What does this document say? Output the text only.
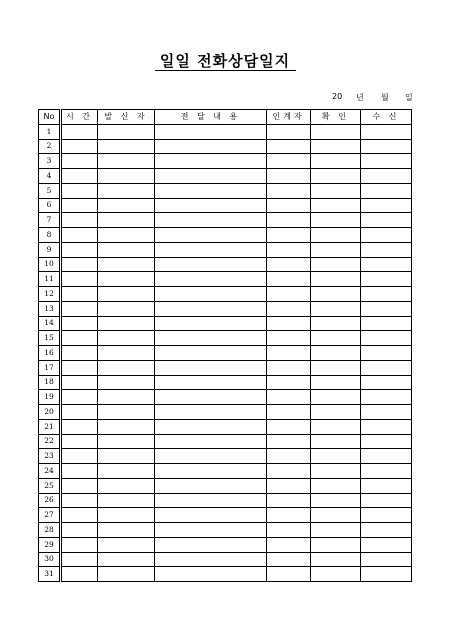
일일 전화상담일지
20 년 월 일
No	시 간	발 신 자	전 달 내 용	인계자	확 인	수 신
1						
2						
3						
4						
5						
6						
7						
8						
9						
10						
11						
12						
13						
14						
15						
16						
17						
18						
19						
20						
21						
22						
23						
24						
25						
26						
27						
28						
29						
30						
31						
